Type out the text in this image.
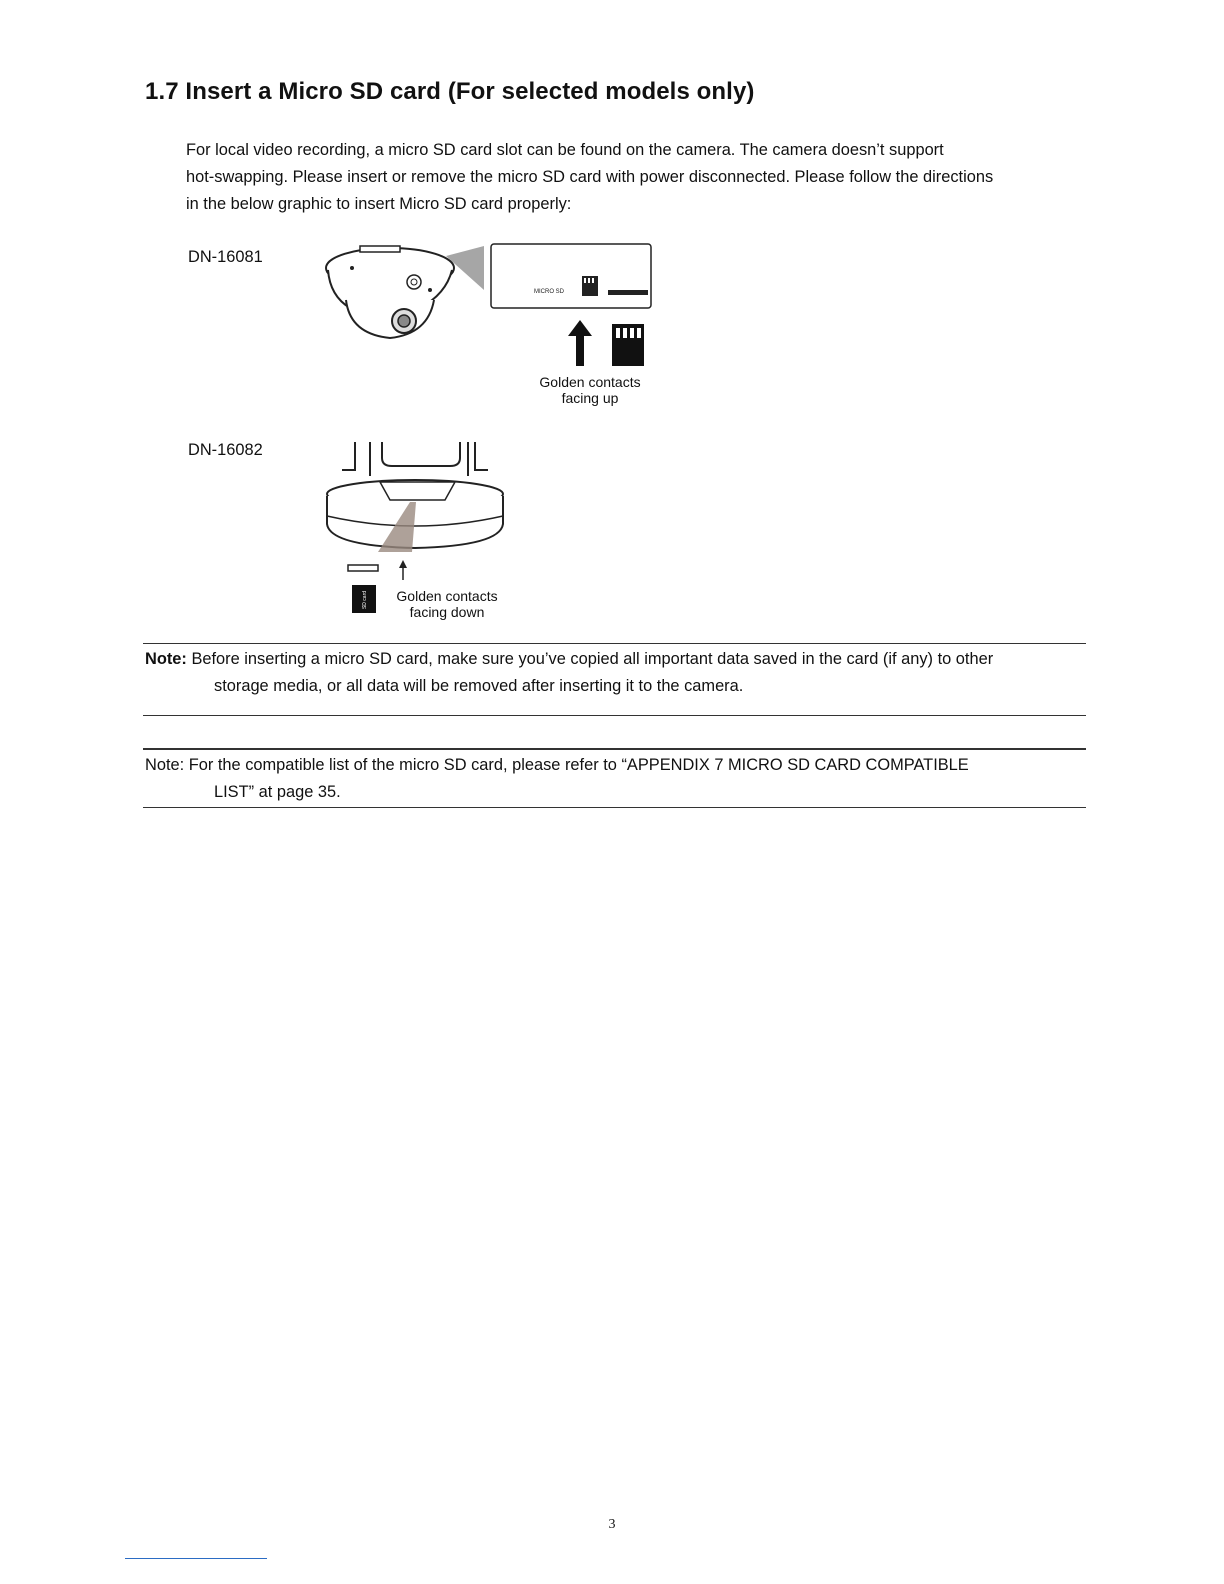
1.7 Insert a Micro SD card (For selected models only)
For local video recording, a micro SD card slot can be found on the camera. The camera doesn’t support
hot-swapping. Please insert or remove the micro SD card with power disconnected. Please follow the directions
in the below graphic to insert Micro SD card properly:
DN-16081
MICRO SD
Golden contacts
facing up
DN-16082
SD card	Golden contacts
facing down
Note: Before inserting a micro SD card, make sure you’ve copied all important data saved in the card (if any) to other
storage media, or all data will be removed after inserting it to the camera.
Note: For the compatible list of the micro SD card, please refer to “APPENDIX 7 MICRO SD CARD COMPATIBLE
LIST” at page 35.
3
